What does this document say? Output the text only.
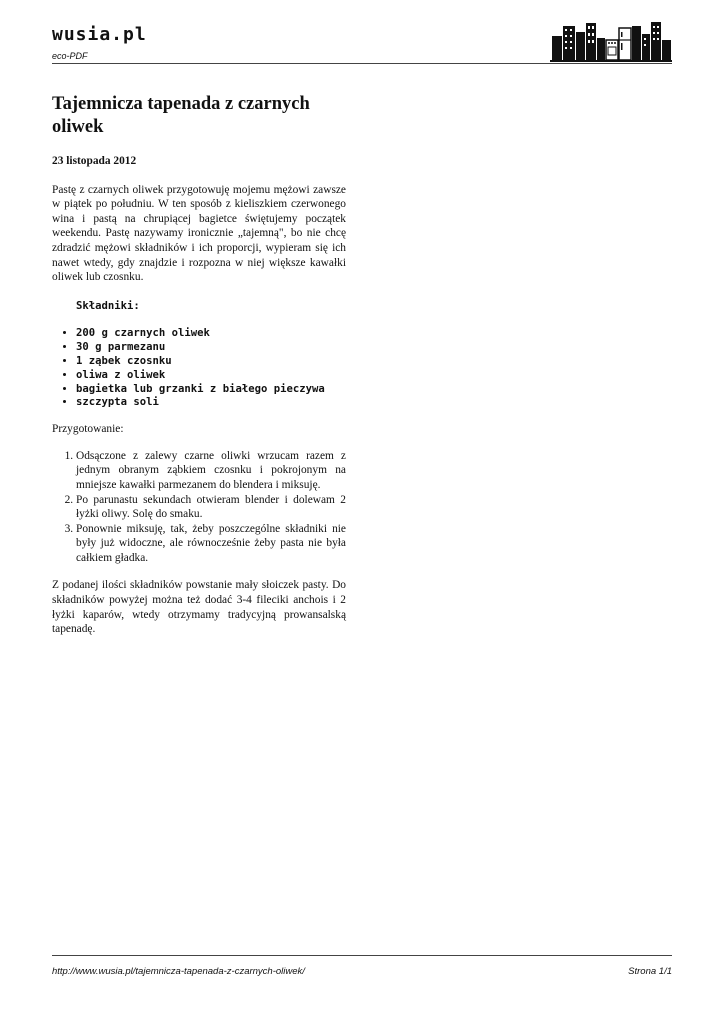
wusia.pl
eco-PDF
Tajemnicza tapenada z czarnych oliwek
23 listopada 2012

Pastę z czarnych oliwek przygotowuję mojemu mężowi zawsze w piątek po południu. W ten sposób z kieliszkiem czerwonego wina i pastą na chrupiącej bagietce świętujemy początek weekendu. Pastę nazywamy ironicznie „tajemną", bo nie chcę zdradzić mężowi składników i ich proporcji, wypieram się ich nawet wtedy, gdy znajdzie i rozpozna w niej większe kawałki oliwek lub czosnku.

Składniki:
• 200 g czarnych oliwek
• 30 g parmezanu
• 1 ząbek czosnku
• oliwa z oliwek
• bagietka lub grzanki z białego pieczywa
• szczypta soli
Przygotowanie:
1. Odsączone z zalewy czarne oliwki wrzucam razem z jednym obranym ząbkiem czosnku i pokrojonym na mniejsze kawałki parmezanem do blendera i miksuję.
2. Po parunastu sekundach otwieram blender i dolewam 2 łyżki oliwy. Solę do smaku.
3. Ponownie miksuję, tak, żeby poszczególne składniki nie były już widoczne, ale równocześnie żeby pasta nie była całkiem gładka.

Z podanej ilości składników powstanie mały słoiczek pasty. Do składników powyżej można też dodać 3-4 fileciki anchois i 2 łyżki kaparów, wtedy otrzymamy tradycyjną prowansalską tapenadę.

http://www.wusia.pl/tajemnicza-tapenada-z-czarnych-oliwek/	Strona 1/1
